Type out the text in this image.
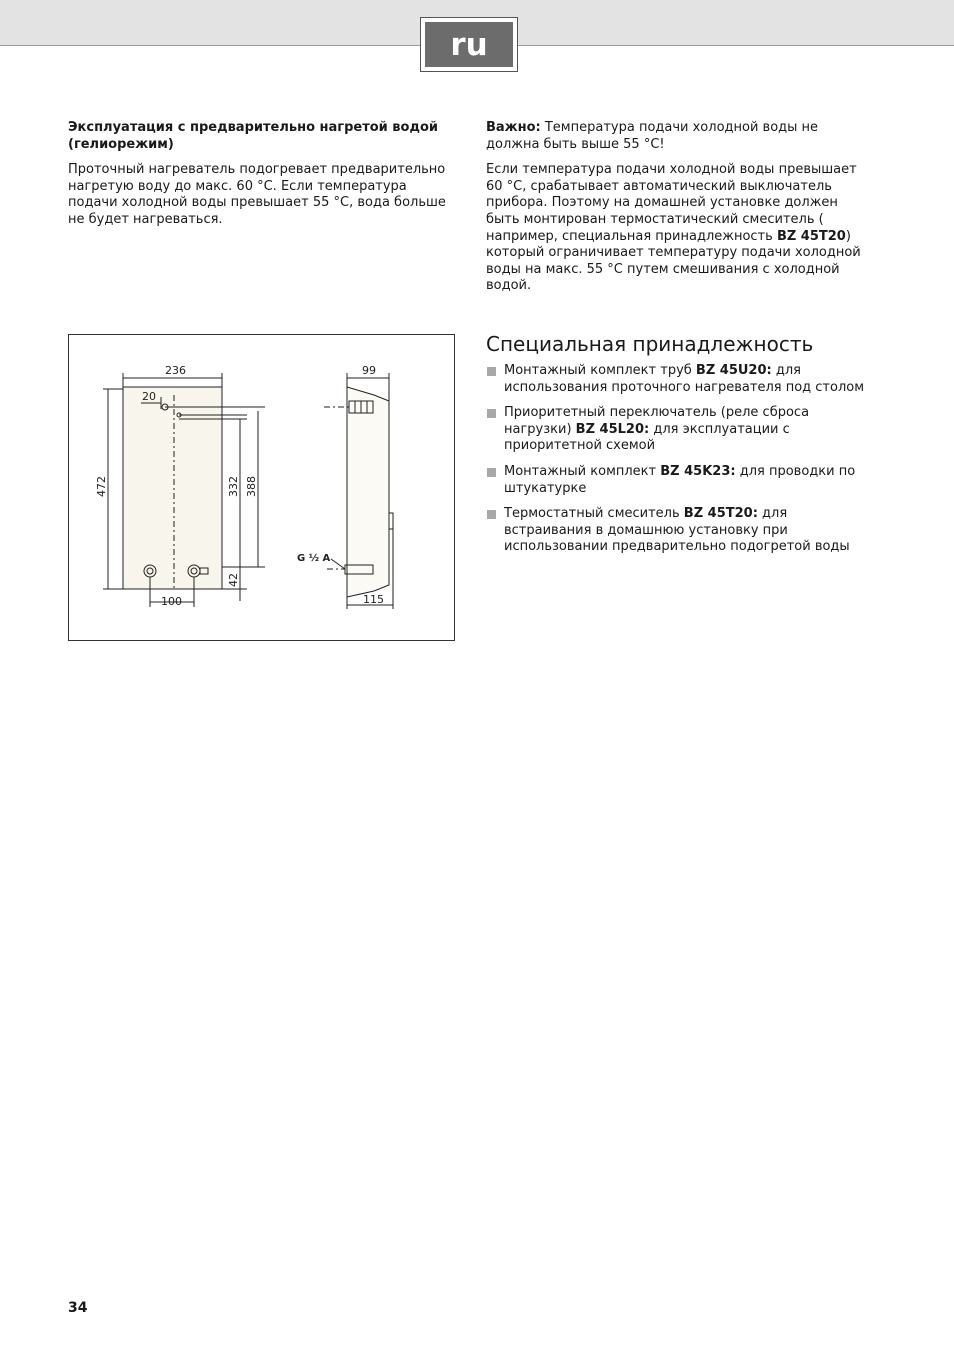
ru

Эксплуатация с предварительно нагретой водой (гелиорежим)

Проточный нагреватель подогревает предварительно нагретую воду до макс. 60 °C. Если температура подачи холодной воды превышает 55 °C, вода больше не будет нагреваться.

Важно: Температура подачи холодной воды не должна быть выше 55 °C!

Если температура подачи холодной воды превышает 60 °C, срабатывает автоматический выключатель прибора. Поэтому на домашней установке должен быть монтирован термостатический смеситель ( например, специальная принадлежность BZ 45T20) который ограничивает температуру подачи холодной воды на макс. 55 °C путем смешивания с холодной водой.

236
20
472	332 388
42
100
99
115
G ½ A
Специальная принадлежность
Монтажный комплект труб BZ 45U20: для использования проточного нагревателя под столом
Приоритетный переключатель (реле сброса нагрузки) BZ 45L20: для эксплуатации с приоритетной схемой
Монтажный комплект BZ 45K23: для проводки по штукатурке
Термостатный смеситель BZ 45T20: для встраивания в домашнюю установку при использовании предварительно подогретой воды
34
